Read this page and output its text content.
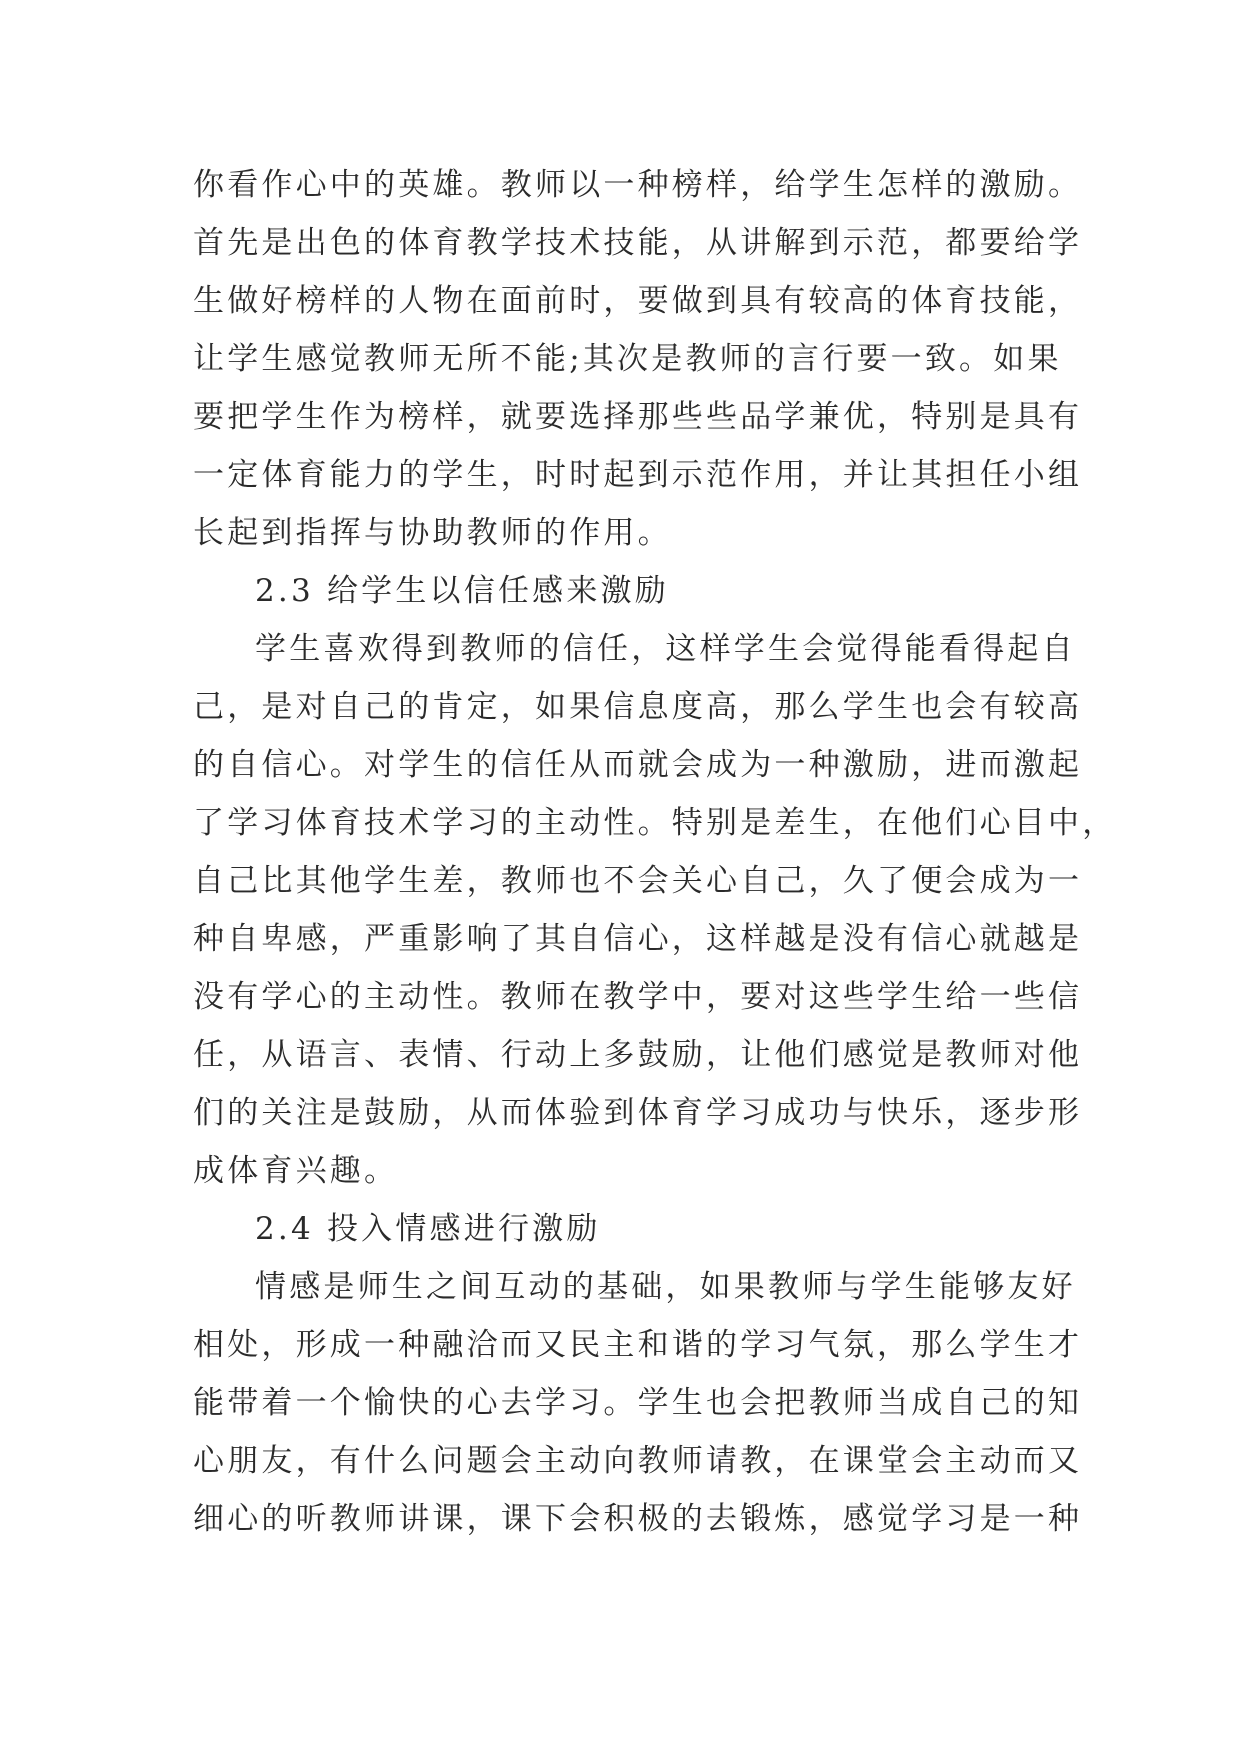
你看作心中的英雄。教师以一种榜样，给学生怎样的激励。
首先是出色的体育教学技术技能，从讲解到示范，都要给学
生做好榜样的人物在面前时，要做到具有较高的体育技能，
让学生感觉教师无所不能;其次是教师的言行要一致。如果
要把学生作为榜样，就要选择那些些品学兼优，特别是具有
一定体育能力的学生，时时起到示范作用，并让其担任小组
长起到指挥与协助教师的作用。
2.3 给学生以信任感来激励
学生喜欢得到教师的信任，这样学生会觉得能看得起自
己，是对自己的肯定，如果信息度高，那么学生也会有较高
的自信心。对学生的信任从而就会成为一种激励，进而激起
了学习体育技术学习的主动性。特别是差生，在他们心目中，
自己比其他学生差，教师也不会关心自己，久了便会成为一
种自卑感，严重影响了其自信心，这样越是没有信心就越是
没有学心的主动性。教师在教学中，要对这些学生给一些信
任，从语言、表情、行动上多鼓励，让他们感觉是教师对他
们的关注是鼓励，从而体验到体育学习成功与快乐，逐步形
成体育兴趣。
2.4 投入情感进行激励
情感是师生之间互动的基础，如果教师与学生能够友好
相处，形成一种融洽而又民主和谐的学习气氛，那么学生才
能带着一个愉快的心去学习。学生也会把教师当成自己的知
心朋友，有什么问题会主动向教师请教，在课堂会主动而又
细心的听教师讲课，课下会积极的去锻炼，感觉学习是一种
